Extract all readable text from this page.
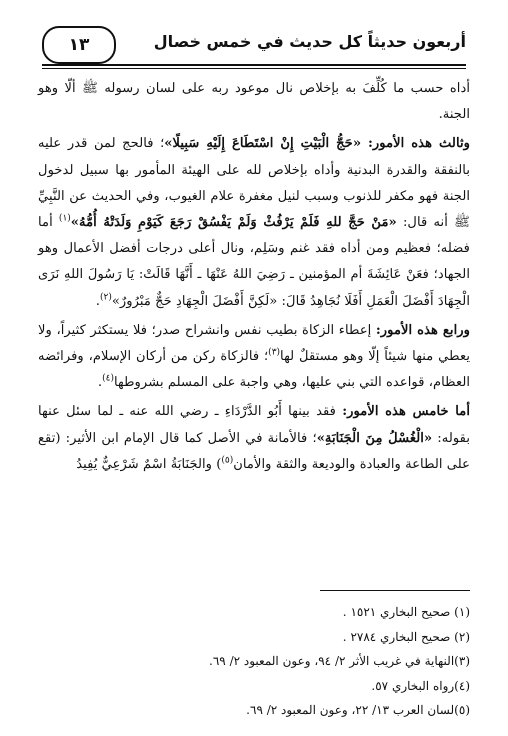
أربعون حديثاً كل حديث في خمس خصال
١٣

أداه حسب ما كُلِّفَ به بإخلاص نال موعود ربه على لسان رسوله ﷺ ألّا وهو الجنة.

وثالث هذه الأمور: «حَجُّ الْبَيْتِ إِنْ اسْتَطَاعَ إِلَيْهِ سَبِيلًا»؛ فالحج لمن قدر عليه بالنفقة والقدرة البدنية وأداه بإخلاص لله على الهيئة المأمور بها سبيل لدخول الجنة فهو مكفر للذنوب وسبب لنيل مغفرة علام الغيوب، وفي الحديث عن النَّبِيِّ ﷺ أنه قال: «مَنْ حَجَّ للهِ فَلَمْ يَرْفُثْ وَلَمْ يَفْسُقْ رَجَعَ كَيَوْمِ وَلَدَتْهُ أُمُّهُ»$^{(١)}$ أما فضله؛ فعظيم ومن أداه فقد غنم وسَلِم، ونال أعلى درجات أفضل الأعمال وهو الجهاد؛ فعَنْ عَائِشَةَ أم المؤمنين ـ رَضِيَ اللهُ عَنْهَا ـ أَنَّهَا قَالَتْ: يَا رَسُولَ اللهِ نَرَى الْجِهَادَ أَفْضَلَ الْعَمَلِ أَفَلَا نُجَاهِدُ قَالَ: «لَكِنَّ أَفْضَلَ الْجِهَادِ حَجٌّ مَبْرُورٌ»$^{(٢)}$.

ورابع هذه الأمور: إعطاء الزكاة بطيب نفس وانشراح صدر؛ فلا يستكثر كثيراً، ولا يعطي منها شيئاً إلّا وهو مستقلٌ لها$^{(٣)}$؛ فالزكاة ركن من أركان الإسلام، وفرائضه العظام، قواعده التي بني عليها، وهي واجبة على المسلم بشروطها$^{(٤)}$.

أما خامس هذه الأمور: فقد بينها أَبُو الدَّرْدَاءِ ـ رضي الله عنه ـ لما سئل عنها بقوله: «الْغُسْلُ مِنَ الْجَنَابَةِ»؛ فالأمانة في الأصل كما قال الإمام ابن الأثير: (تقع على الطاعة والعبادة والوديعة والثقة والأمان$^{(٥)}$) والجَنَابَةُ اسْمٌ شَرْعِيٌّ يُفِيدُ

(١) صحيح البخاري ١٥٢١ .
(٢) صحيح البخاري ٢٧٨٤ .
(٣)النهاية في غريب الأثر ٢/ ٩٤، وعون المعبود ٢/ ٦٩.
(٤)رواه البخاري ٥٧.
(٥)لسان العرب ١٣/ ٢٢، وعون المعبود ٢/ ٦٩.
